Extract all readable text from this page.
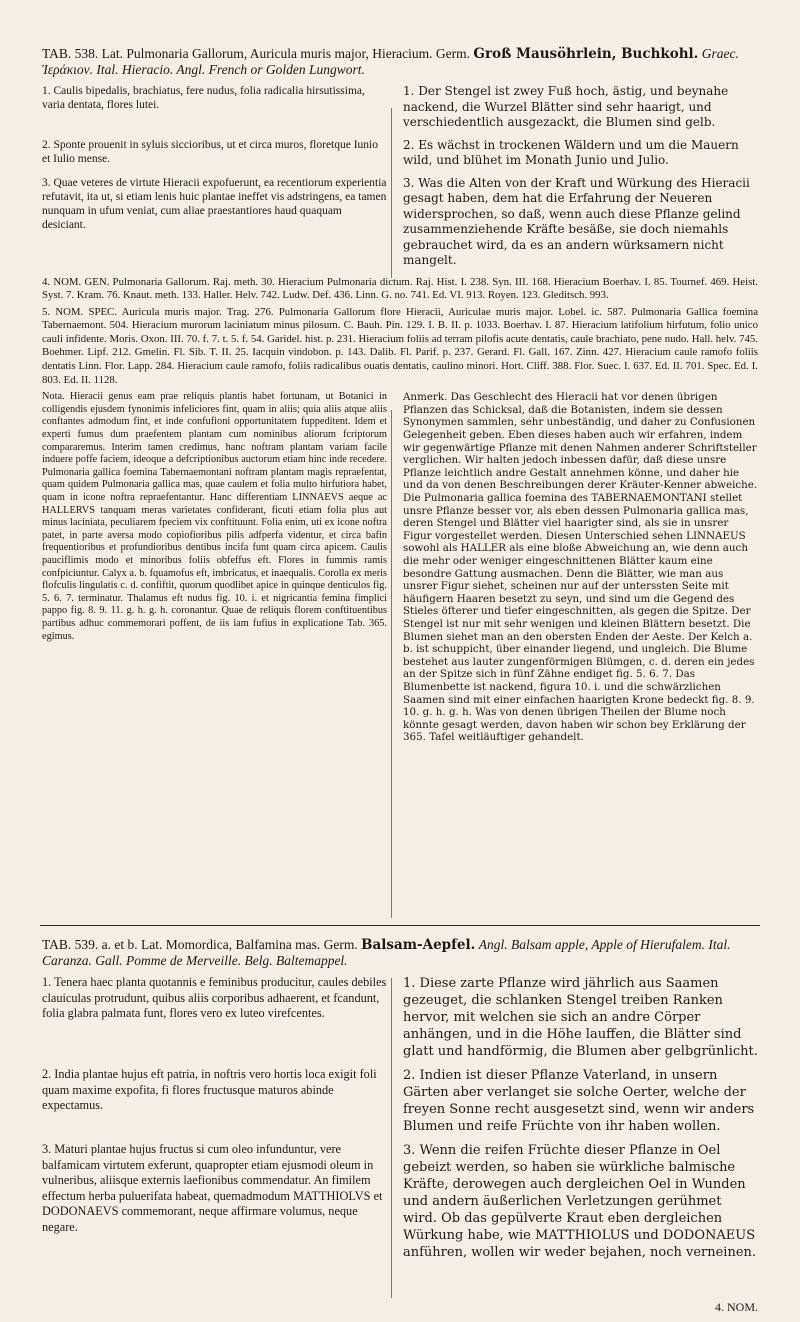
TAB. 538. Lat. Pulmonaria Gallorum, Auricula muris major, Hieracium. Germ. Groß Mausöhrlein, Buchkohl. Graec. Ἱεράκιον. Ital. Hieracio. Angl. French or Golden Lungwort.
1. Caulis bipedalis, brachiatus, fere nudus, folia radicalia hirsutissima, varia dentata, flores lutei.
1. Der Stengel ist zwey Fuß hoch, ästig, und beynahe nackend, die Wurzel Blätter sind sehr haarigt, und verschiedentlich ausgezackt, die Blumen sind gelb.
2. Sponte prouenit in syluis siccioribus, ut et circa muros, floretque Iunio et Iulio mense.
2. Es wächst in trockenen Wäldern und um die Mauern wild, und blühet im Monath Junio und Julio.
3. Quae veteres de virtute Hieracii expofuerunt, ea recentiorum experientia refutavit, ita ut, si etiam lenis huic plantae ineffet vis adstringens, ea tamen nunquam in ufum veniat, cum aliae praestantiores haud quaquam desiciant.
3. Was die Alten von der Kraft und Würkung des Hieracii gesagt haben, dem hat die Erfahrung der Neueren widersprochen, so daß, wenn auch diese Pflanze gelind zusammenziehende Kräfte besäße, sie doch niemahls gebrauchet wird, da es an andern würksamern nicht mangelt.
4. NOM. GEN. Pulmonaria Gallorum. Raj. meth. 30. Hieracium Pulmonaria dictum. Raj. Hist. I. 238. Syn. III. 168. Hieracium Boerhav. I. 85. Tournef. 469. Heist. Syst. 7. Kram. 76. Knaut. meth. 133. Haller. Helv. 742. Ludw. Def. 436. Linn. G. no. 741. Ed. VI. 913. Royen. 123. Gleditsch. 993.
5. NOM. SPEC. Auricula muris major. Trag. 276. Pulmonaria Gallorum flore Hieracii, Auriculae muris major. Lobel. ic. 587. Pulmonaria Gallica foemina Tabernaemont. 504. Hieracium murorum laciniatum minus pilosum. C. Bauh. Pin. 129. I. B. II. p. 1033. Boerhav. I. 87. Hieracium latifolium hirfutum, folio unico cauli infidente. Moris. Oxon. III. 70. f. 7. t. 5. f. 54. Garidel. hist. p. 231. Hieracium foliis ad terram pilofis acute dentatis, caule brachiato, pene nudo. Hall. helv. 745. Boehmer. Lipf. 212. Gmelin. Fl. Sib. T. II. 25. Iacquin vindobon. p. 143. Dalib. Fl. Parif. p. 237. Gerard. Fl. Gall. 167. Zinn. 427. Hieracium caule ramofo foliis dentatis Linn. Flor. Lapp. 284. Hieracium caule ramofo, foliis radicalibus ouatis dentatis, caulino minori. Hort. Cliff. 388. Flor. Suec. I. 637. Ed. II. 701. Spec. Ed. I. 803. Ed. II. 1128.
Nota. Hieracii genus eam prae reliquis plantis habet fortunam, ut Botanici in colligendis ejusdem fynonimis infeliciores fint, quam in aliis; quia aliis atque aliis conftantes admodum fint, et inde confufioni opportunitatem fuppeditent. Idem et experti fumus dum praefentem plantam cum nominibus aliorum fcriptorum compararemus. Interim tamen credimus, hanc noftram plantam variam facile induere poffe faciem, ideoque a defcriptionibus auctorum etiam hinc inde recedere. Pulmonaria gallica foemina Tabernaemontani noftram plantam magis repraefentat, quam quidem Pulmonaria gallica mas, quae caulem et folia multo hirfutiora habet, quam in icone noftra repraefentantur. Hanc differentiam LINNAEVS aeque ac HALLERVS tanquam meras varietates confiderant, ficuti etiam folia plus aut minus laciniata, peculiarem fpeciem vix conftituunt. Folia enim, uti ex icone noftra patet, in parte aversa modo copiofioribus pilis adfperfa videntur, et circa bafin frequentioribus et profundioribus dentibus incifa funt quam circa apicem. Caulis pauciflimis modo et minoribus foliis obfeffus eft. Flores in fummis ramis confpiciuntur. Calyx a. b. fquamofus eft, imbricatus, et inaequalis. Corolla ex meris flofculis lingulatis c. d. confiftit, quorum quodlibet apice in quinque denticulos fig. 5. 6. 7. terminatur. Thalamus eft nudus fig. 10. i. et nigricantia femina fimplici pappo fig. 8. 9. 11. g. h. g. h. coronantur. Quae de reliquis florem conftituentibus partibus adhuc commemorari poffent, de iis iam fufius in explicatione Tab. 365. egimus.
Anmerk. Das Geschlecht des Hieracii hat vor denen übrigen Pflanzen das Schicksal, daß die Botanisten, indem sie dessen Synonymen sammlen, sehr unbeständig, und daher zu Confusionen Gelegenheit geben. Eben dieses haben auch wir erfahren, indem wir gegenwärtige Pflanze mit denen Nahmen anderer Schriftsteller verglichen. Wir halten jedoch inbessen dafür, daß diese unsre Pflanze leichtlich andre Gestalt annehmen könne, und daher hie und da von denen Beschreibungen derer Kräuter-Kenner abweiche. Die Pulmonaria gallica foemina des TABERNAEMONTANI stellet unsre Pflanze besser vor, als eben dessen Pulmonaria gallica mas, deren Stengel und Blätter viel haarigter sind, als sie in unsrer Figur vorgestellet werden. Diesen Unterschied sehen LINNAEUS sowohl als HALLER als eine bloße Abweichung an, wie denn auch die mehr oder weniger eingeschnittenen Blätter kaum eine besondre Gattung ausmachen. Denn die Blätter, wie man aus unsrer Figur siehet, scheinen nur auf der unterssten Seite mit häufigern Haaren besetzt zu seyn, und sind um die Gegend des Stieles öfterer und tiefer eingeschnitten, als gegen die Spitze. Der Stengel ist nur mit sehr wenigen und kleinen Blättern besetzt. Die Blumen siehet man an den obersten Enden der Aeste. Der Kelch a. b. ist schuppicht, über einander liegend, und ungleich. Die Blume bestehet aus lauter zungenförmigen Blümgen, c. d. deren ein jedes an der Spitze sich in fünf Zähne endiget fig. 5. 6. 7. Das Blumenbette ist nackend, figura 10. i. und die schwärzlichen Saamen sind mit einer einfachen haarigten Krone bedeckt fig. 8. 9. 10. g. h. g. h. Was von denen übrigen Theilen der Blume noch könnte gesagt werden, davon haben wir schon bey Erklärung der 365. Tafel weitläuftiger gehandelt.
TAB. 539. a. et b. Lat. Momordica, Balfamina mas. Germ. Balsam-Aepfel. Angl. Balsam apple, Apple of Hierufalem. Ital. Caranza. Gall. Pomme de Merveille. Belg. Baltemappel.
1. Tenera haec planta quotannis e feminibus producitur, caules debiles clauiculas protrudunt, quibus aliis corporibus adhaerent, et fcandunt, folia glabra palmata funt, flores vero ex luteo virefcentes.
1. Diese zarte Pflanze wird jährlich aus Saamen gezeuget, die schlanken Stengel treiben Ranken hervor, mit welchen sie sich an andre Cörper anhängen, und in die Höhe lauffen, die Blätter sind glatt und handförmig, die Blumen aber gelbgrünlicht.
2. India plantae hujus eft patria, in noftris vero hortis loca exigit foli quam maxime expofita, fi flores fructusque maturos abinde expectamus.
2. Indien ist dieser Pflanze Vaterland, in unsern Gärten aber verlanget sie solche Oerter, welche der freyen Sonne recht ausgesetzt sind, wenn wir anders Blumen und reife Früchte von ihr haben wollen.
3. Maturi plantae hujus fructus si cum oleo infunduntur, vere balfamicam virtutem exferunt, quapropter etiam ejusmodi oleum in vulneribus, aliisque externis laefionibus commendatur. An fimilem effectum herba puluerifata habeat, quemadmodum MATTHIOLVS et DODONAEVS commemorant, neque affirmare volumus, neque negare.
3. Wenn die reifen Früchte dieser Pflanze in Oel gebeizt werden, so haben sie würkliche balmische Kräfte, derowegen auch dergleichen Oel in Wunden und andern äußerlichen Verletzungen gerühmet wird. Ob das gepülverte Kraut eben dergleichen Würkung habe, wie MATTHIOLUS und DODONAEUS anführen, wollen wir weder bejahen, noch verneinen.
4. NOM.
